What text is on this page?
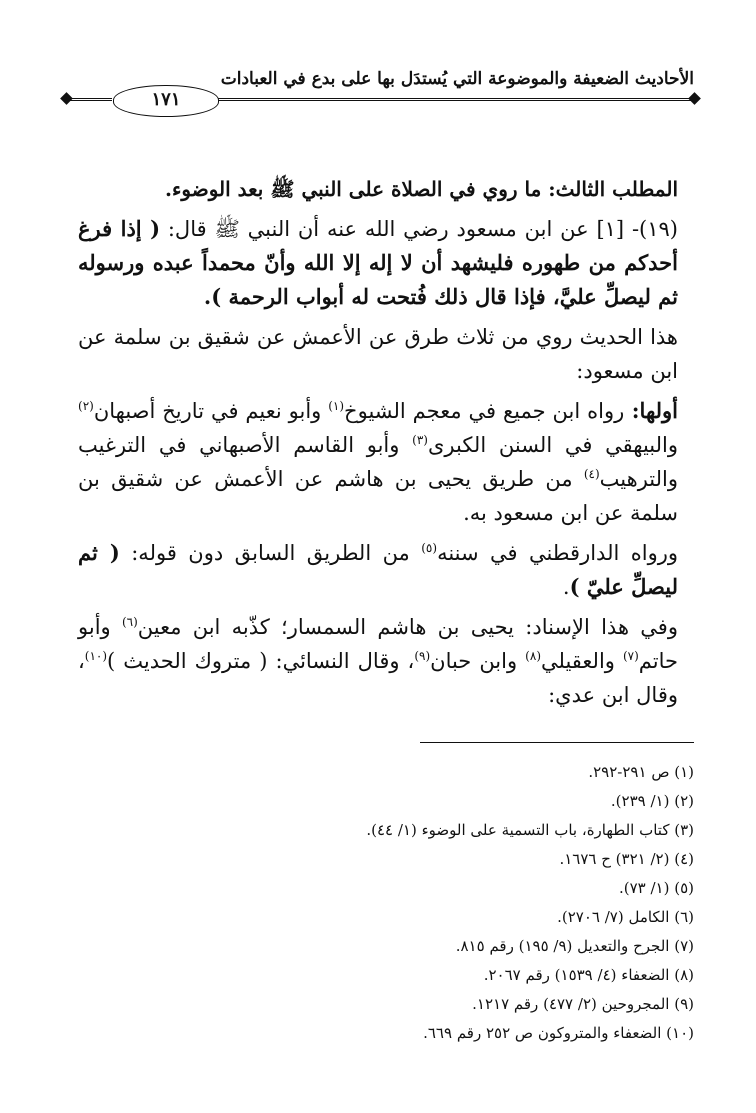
الأحاديث الضعيفة والموضوعة التي يُستدَل بها على بدع في العبادات
١٧١

المطلب الثالث: ما روي في الصلاة على النبي ﷺ بعد الوضوء.

(١٩)- [١] عن ابن مسعود رضي الله عنه أن النبي ﷺ قال: ( إذا فرغ أحدكم من طهوره فليشهد أن لا إله إلا الله وأنّ محمداً عبده ورسوله ثم ليصلِّ عليَّ، فإذا قال ذلك فُتحت له أبواب الرحمة ).

هذا الحديث روي من ثلاث طرق عن الأعمش عن شقيق بن سلمة عن ابن مسعود:

أولها: رواه ابن جميع في معجم الشيوخ$^{(١)}$ وأبو نعيم في تاريخ أصبهان$^{(٢)}$ والبيهقي في السنن الكبرى$^{(٣)}$ وأبو القاسم الأصبهاني في الترغيب والترهيب$^{(٤)}$ من طريق يحيى بن هاشم عن الأعمش عن شقيق بن سلمة عن ابن مسعود به.

ورواه الدارقطني في سننه$^{(٥)}$ من الطريق السابق دون قوله: ( ثم ليصلِّ عليّ ).

وفي هذا الإسناد: يحيى بن هاشم السمسار؛ كذّبه ابن معين$^{(٦)}$ وأبو حاتم$^{(٧)}$ والعقيلي$^{(٨)}$ وابن حبان$^{(٩)}$، وقال النسائي: ( متروك الحديث )$^{(١٠)}$، وقال ابن عدي:

(١) ص ٢٩١-٢٩٢.

(٢) (١/ ٢٣٩).

(٣) كتاب الطهارة، باب التسمية على الوضوء (١/ ٤٤).

(٤) (٢/ ٣٢١) ح ١٦٧٦.

(٥) (١/ ٧٣).

(٦) الكامل (٧/ ٢٧٠٦).

(٧) الجرح والتعديل (٩/ ١٩٥) رقم ٨١٥.

(٨) الضعفاء (٤/ ١٥٣٩) رقم ٢٠٦٧.

(٩) المجروحين (٢/ ٤٧٧) رقم ١٢١٧.

(١٠) الضعفاء والمتروكون ص ٢٥٢ رقم ٦٦٩.
